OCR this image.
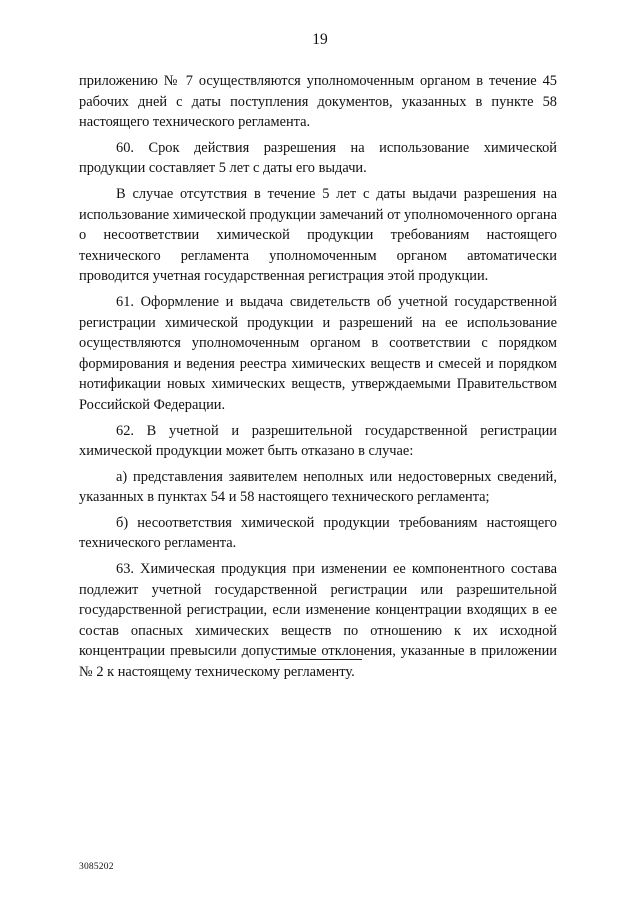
19

приложению № 7 осуществляются уполномоченным органом в течение 45 рабочих дней с даты поступления документов, указанных в пункте 58 настоящего технического регламента.

60. Срок действия разрешения на использование химической продукции составляет 5 лет с даты его выдачи.

В случае отсутствия в течение 5 лет с даты выдачи разрешения на использование химической продукции замечаний от уполномоченного органа о несоответствии химической продукции требованиям настоящего технического регламента уполномоченным органом автоматически проводится учетная государственная регистрация этой продукции.

61. Оформление и выдача свидетельств об учетной государственной регистрации химической продукции и разрешений на ее использование осуществляются уполномоченным органом в соответствии с порядком формирования и ведения реестра химических веществ и смесей и порядком нотификации новых химических веществ, утверждаемыми Правительством Российской Федерации.

62. В учетной и разрешительной государственной регистрации химической продукции может быть отказано в случае:

а) представления заявителем неполных или недостоверных сведений, указанных в пунктах 54 и 58 настоящего технического регламента;

б) несоответствия химической продукции требованиям настоящего технического регламента.

63. Химическая продукция при изменении ее компонентного состава подлежит учетной государственной регистрации или разрешительной государственной регистрации, если изменение концентрации входящих в ее состав опасных химических веществ по отношению к их исходной концентрации превысили допустимые отклонения, указанные в приложении № 2 к настоящему техническому регламенту.

3085202
